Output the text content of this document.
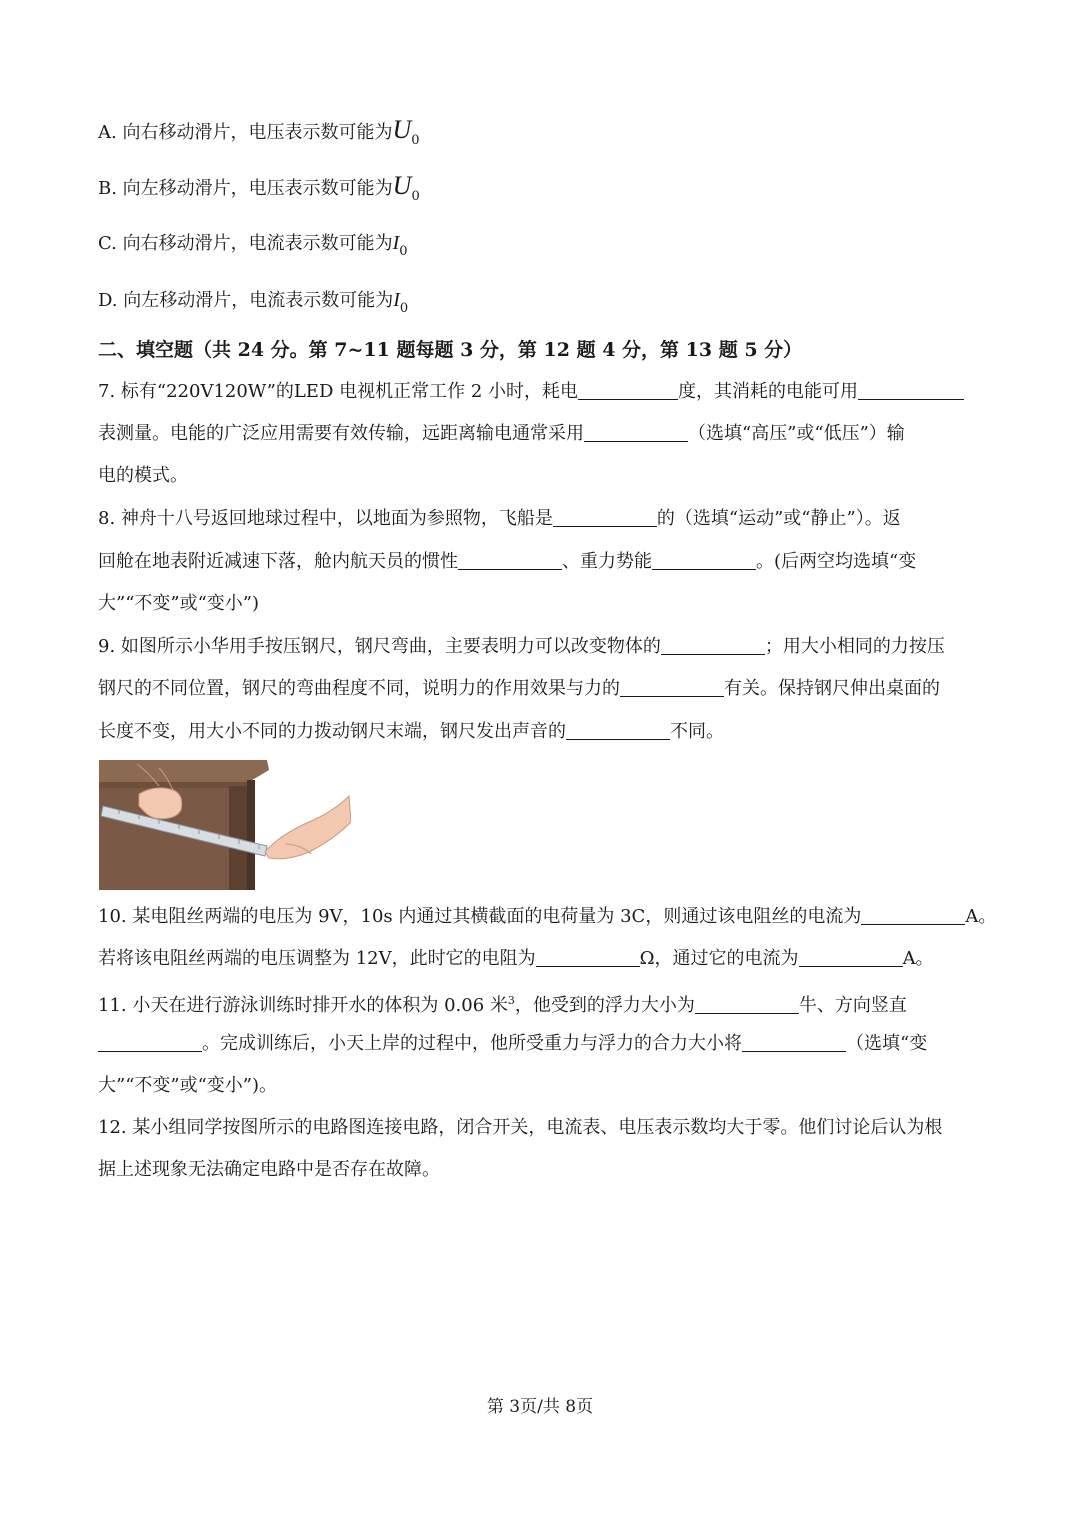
A. 向右移动滑片，电压表示数可能为$U_0$
B. 向左移动滑片，电压表示数可能为$U_0$
C. 向右移动滑片，电流表示数可能为$I_0$
D. 向左移动滑片，电流表示数可能为$I_0$
二、填空题（共 24 分。第 7~11 题每题 3 分，第 12 题 4 分，第 13 题 5 分）
7. 标有“220V120W”的LED 电视机正常工作 2 小时，耗电	度，其消耗的电能可用
表测量。电能的广泛应用需要有效传输，远距离输电通常采用	（选填“高压”或“低压”）输
电的模式。
8. 神舟十八号返回地球过程中，以地面为参照物，飞船是	的（选填“运动”或“静止”）。返
回舱在地表附近减速下落，舱内航天员的惯性	、重力势能	。(后两空均选填“变
大”“不变”或“变小”)
9. 如图所示小华用手按压钢尺，钢尺弯曲，主要表明力可以改变物体的	；用大小相同的力按压
钢尺的不同位置，钢尺的弯曲程度不同，说明力的作用效果与力的	有关。保持钢尺伸出桌面的
长度不变，用大小不同的力拨动钢尺末端，钢尺发出声音的	不同。
10. 某电阻丝两端的电压为 9V，10s 内通过其横截面的电荷量为 3C，则通过该电阻丝的电流为	A。
若将该电阻丝两端的电压调整为 12V，此时它的电阻为	Ω，通过它的电流为	A。
11. 小天在进行游泳训练时排开水的体积为 0.06 米$^3$，他受到的浮力大小为	牛、方向竖直
。完成训练后，小天上岸的过程中，他所受重力与浮力的合力大小将	（选填“变
大”“不变”或“变小”)。
12. 某小组同学按图所示的电路图连接电路，闭合开关，电流表、电压表示数均大于零。他们讨论后认为根
据上述现象无法确定电路中是否存在故障。
第 3页/共 8页
